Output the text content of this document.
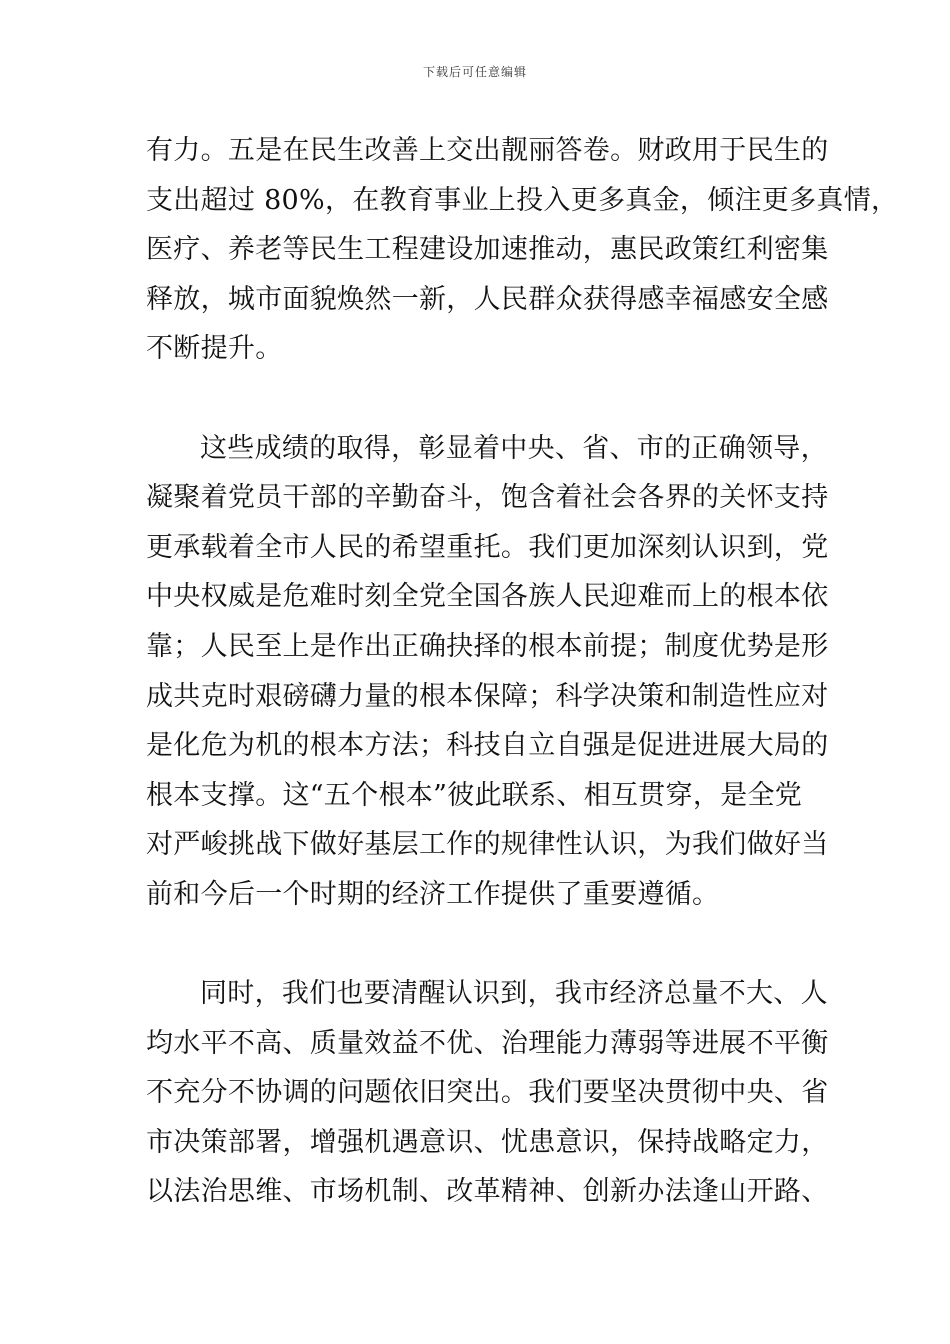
下载后可任意编辑
有力。五是在民生改善上交出靓丽答卷。财政用于民生的
支出超过 80%，在教育事业上投入更多真金，倾注更多真情，
医疗、养老等民生工程建设加速推动，惠民政策红利密集
释放，城市面貌焕然一新，人民群众获得感幸福感安全感
不断提升。
这些成绩的取得，彰显着中央、省、市的正确领导，
凝聚着党员干部的辛勤奋斗，饱含着社会各界的关怀支持
更承载着全市人民的希望重托。我们更加深刻认识到，党
中央权威是危难时刻全党全国各族人民迎难而上的根本依
靠；人民至上是作出正确抉择的根本前提；制度优势是形
成共克时艰磅礴力量的根本保障；科学决策和制造性应对
是化危为机的根本方法；科技自立自强是促进进展大局的
根本支撑。这“五个根本”彼此联系、相互贯穿，是全党
对严峻挑战下做好基层工作的规律性认识，为我们做好当
前和今后一个时期的经济工作提供了重要遵循。
同时，我们也要清醒认识到，我市经济总量不大、人
均水平不高、质量效益不优、治理能力薄弱等进展不平衡
不充分不协调的问题依旧突出。我们要坚决贯彻中央、省
市决策部署，增强机遇意识、忧患意识，保持战略定力，
以法治思维、市场机制、改革精神、创新办法逢山开路、
